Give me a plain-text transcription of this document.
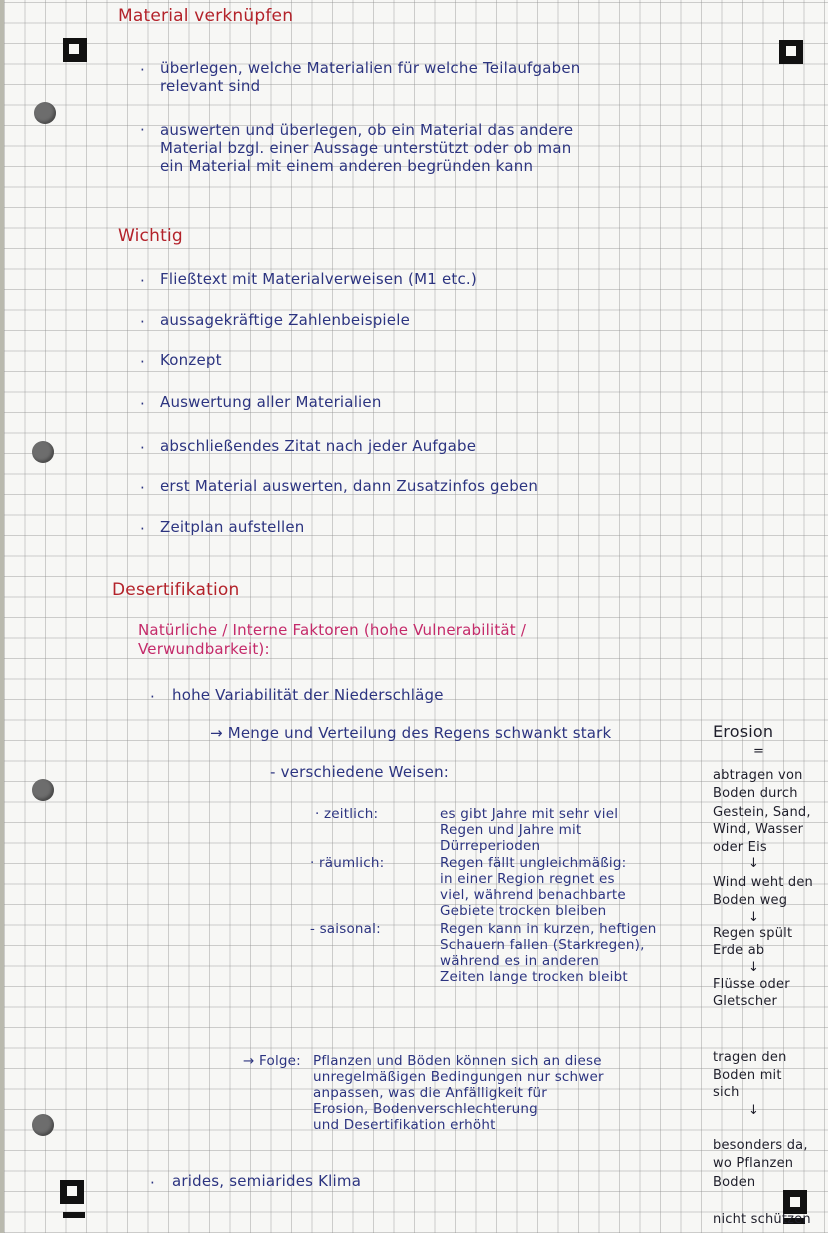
Material verknüpfen
· überlegen, welche Materialien für welche Teilaufgaben
relevant sind
· auswerten und überlegen, ob ein Material das andere
Material bzgl. einer Aussage unterstützt oder ob man
ein Material mit einem anderen begründen kann
Wichtig
· Fließtext mit Materialverweisen (M1 etc.)
· aussagekräftige Zahlenbeispiele
· Konzept
· Auswertung aller Materialien
· abschließendes Zitat nach jeder Aufgabe
· erst Material auswerten, dann Zusatzinfos geben
· Zeitplan aufstellen
Desertifikation
Natürliche / Interne Faktoren (hohe Vulnerabilität /
Verwundbarkeit):
· hohe Variabilität der Niederschläge
→ Menge und Verteilung des Regens schwankt stark
- verschiedene Weisen:
· zeitlich:	es gibt Jahre mit sehr viel
Regen und Jahre mit
Dürreperioden
· räumlich:	Regen fällt ungleichmäßig:
in einer Region regnet es
viel, während benachbarte
Gebiete trocken bleiben
- saisonal:	Regen kann in kurzen, heftigen
Schauern fallen (Starkregen),
während es in anderen
Zeiten lange trocken bleibt
→ Folge: Pflanzen und Böden können sich an diese
unregelmäßigen Bedingungen nur schwer
anpassen, was die Anfälligkeit für
Erosion, Bodenverschlechterung
und Desertifikation erhöht
· arides, semiarides Klima
Erosion
=
abtragen von
Boden durch
Gestein, Sand,
Wind, Wasser
oder Eis
↓
Wind weht den
Boden weg
↓
Regen spült
Erde ab
↓
Flüsse oder
Gletscher
tragen den
Boden mit
sich
↓
besonders da,
wo Pflanzen
Boden
nicht schützen
